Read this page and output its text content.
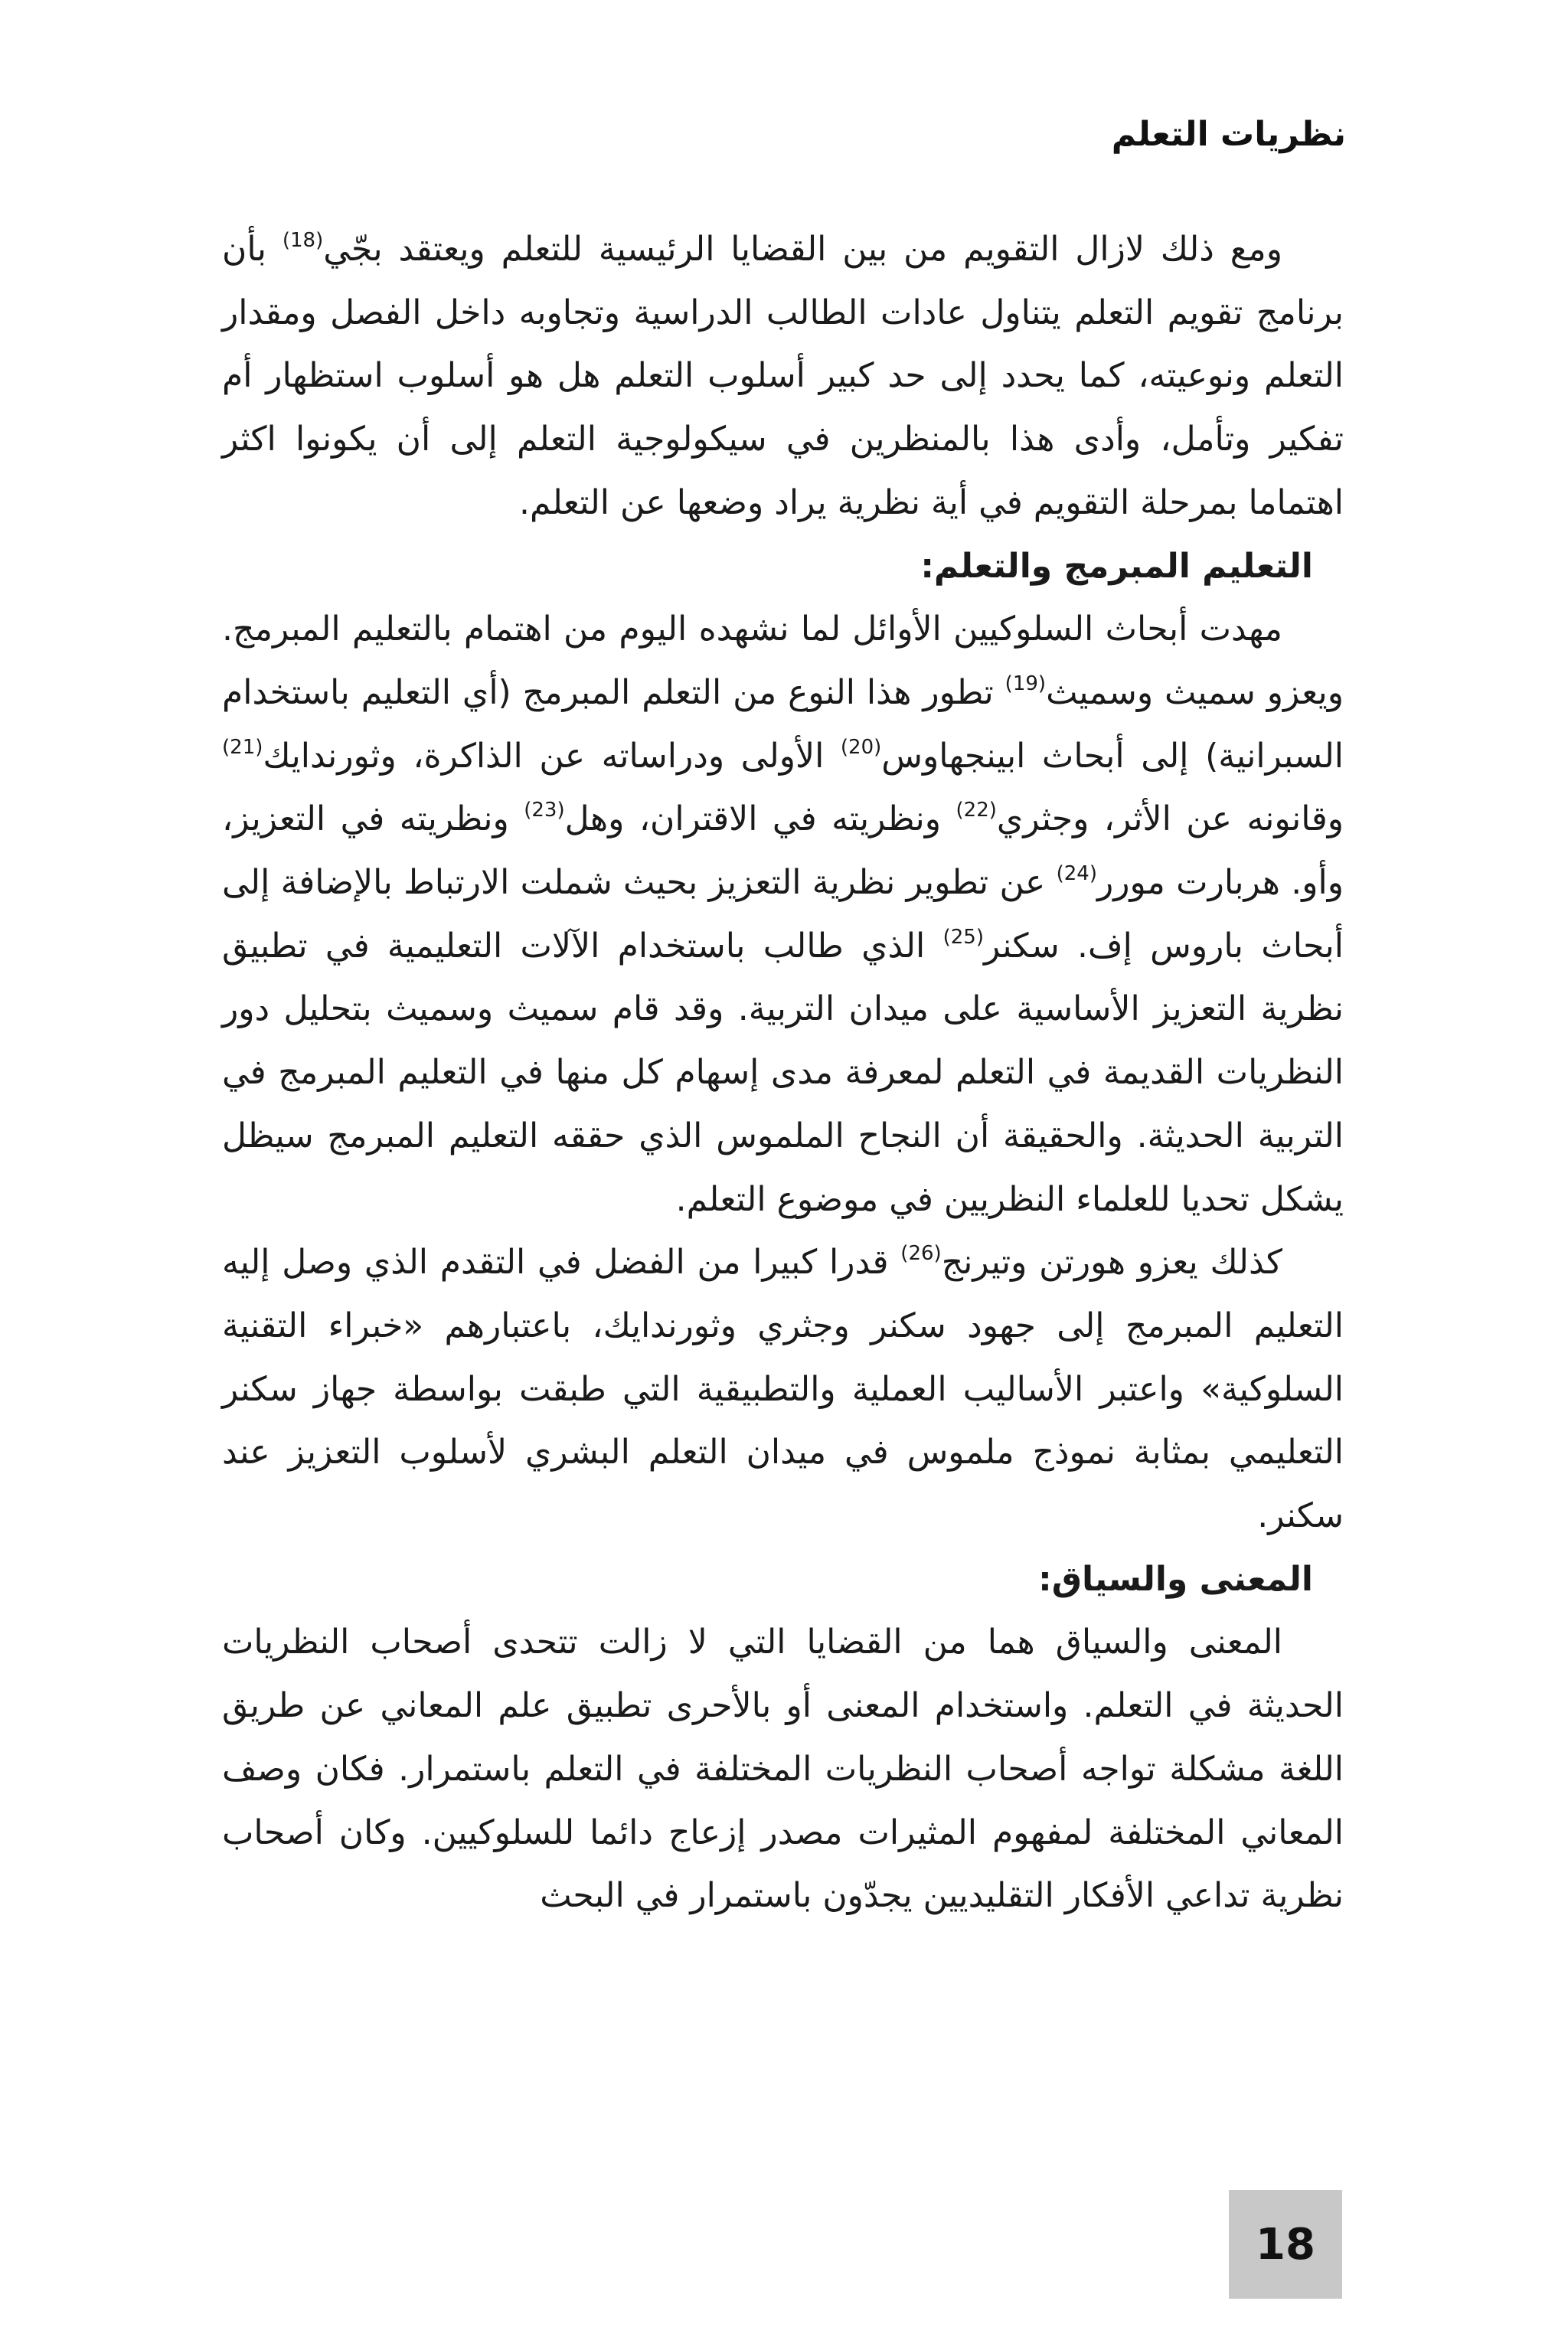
نظريات التعلم

ومع ذلك لازال التقويم من بين القضايا الرئيسية للتعلم ويعتقد بجّي$^{(18)}$ بأن برنامج تقويم التعلم يتناول عادات الطالب الدراسية وتجاوبه داخل الفصل ومقدار التعلم ونوعيته، كما يحدد إلى حد كبير أسلوب التعلم هل هو أسلوب استظهار أم تفكير وتأمل، وأدى هذا بالمنظرين في سيكولوجية التعلم إلى أن يكونوا اكثر اهتماما بمرحلة التقويم في أية نظرية يراد وضعها عن التعلم.

التعليم المبرمج والتعلم:

مهدت أبحاث السلوكيين الأوائل لما نشهده اليوم من اهتمام بالتعليم المبرمج. ويعزو سميث وسميث$^{(19)}$ تطور هذا النوع من التعلم المبرمج (أي التعليم باستخدام السبرانية) إلى أبحاث ابينجهاوس$^{(20)}$ الأولى ودراساته عن الذاكرة، وثورندايك$^{(21)}$ وقانونه عن الأثر، وجثري$^{(22)}$ ونظريته في الاقتران، وهل$^{(23)}$ ونظريته في التعزيز، وأو. هربارت مورر$^{(24)}$ عن تطوير نظرية التعزيز بحيث شملت الارتباط بالإضافة إلى أبحاث باروس إف. سكنر$^{(25)}$ الذي طالب باستخدام الآلات التعليمية في تطبيق نظرية التعزيز الأساسية على ميدان التربية. وقد قام سميث وسميث بتحليل دور النظريات القديمة في التعلم لمعرفة مدى إسهام كل منها في التعليم المبرمج في التربية الحديثة. والحقيقة أن النجاح الملموس الذي حققه التعليم المبرمج سيظل يشكل تحديا للعلماء النظريين في موضوع التعلم.

كذلك يعزو هورتن وتيرنج$^{(26)}$ قدرا كبيرا من الفضل في التقدم الذي وصل إليه التعليم المبرمج إلى جهود سكنر وجثري وثورندايك، باعتبارهم «خبراء التقنية السلوكية» واعتبر الأساليب العملية والتطبيقية التي طبقت بواسطة جهاز سكنر التعليمي بمثابة نموذج ملموس في ميدان التعلم البشري لأسلوب التعزيز عند سكنر.

المعنى والسياق:

المعنى والسياق هما من القضايا التي لا زالت تتحدى أصحاب النظريات الحديثة في التعلم. واستخدام المعنى أو بالأحرى تطبيق علم المعاني عن طريق اللغة مشكلة تواجه أصحاب النظريات المختلفة في التعلم باستمرار. فكان وصف المعاني المختلفة لمفهوم المثيرات مصدر إزعاج دائما للسلوكيين. وكان أصحاب نظرية تداعي الأفكار التقليديين يجدّون باستمرار في البحث

18
